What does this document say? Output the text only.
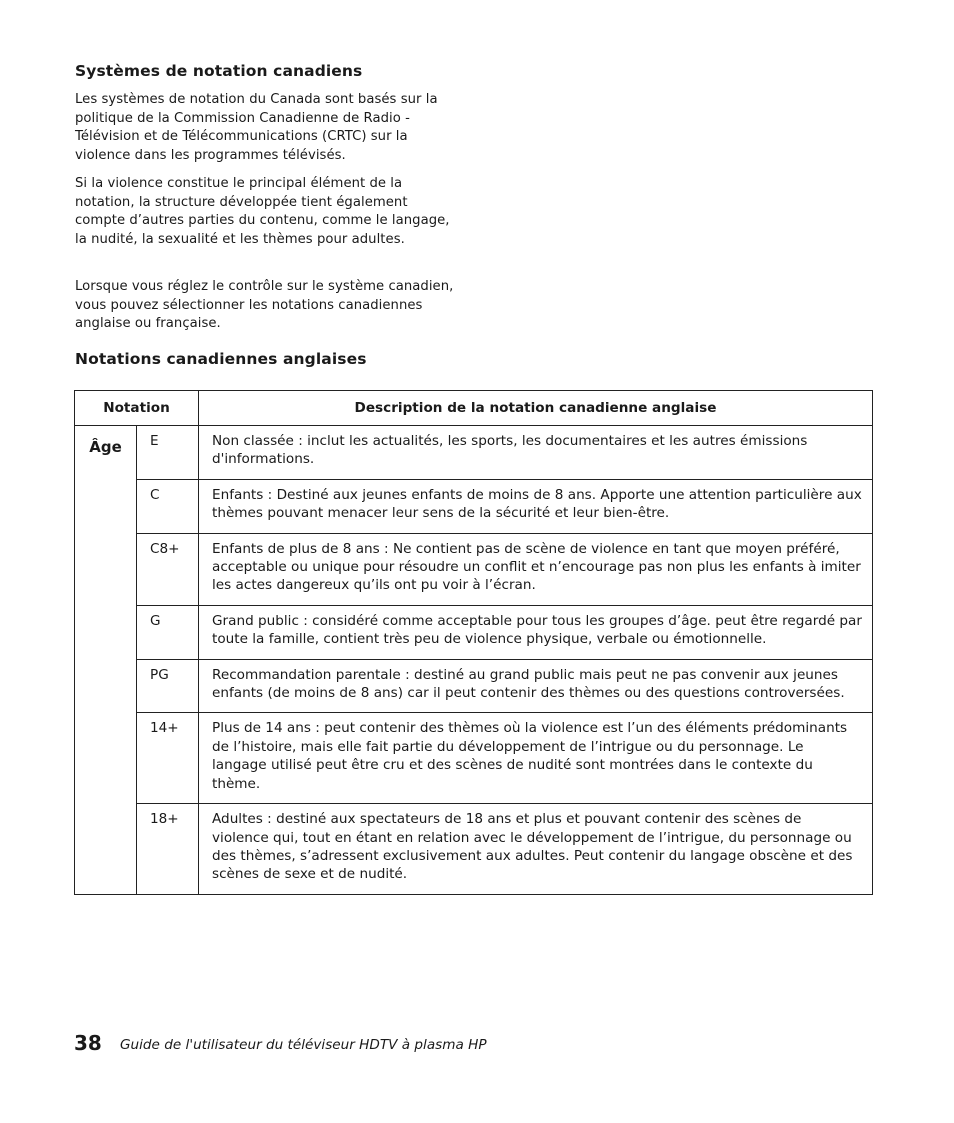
Systèmes de notation canadiens

Les systèmes de notation du Canada sont basés sur la politique de la Commission Canadienne de Radio - Télévision et de Télécommunications (CRTC) sur la violence dans les programmes télévisés.

Si la violence constitue le principal élément de la notation, la structure développée tient également compte d’autres parties du contenu, comme le langage, la nudité, la sexualité et les thèmes pour adultes.

Lorsque vous réglez le contrôle sur le système canadien, vous pouvez sélectionner les notations canadiennes anglaise ou française.

Notations canadiennes anglaises
Notation		Description de la notation canadienne anglaise
Âge	E	Non classée : inclut les actualités, les sports, les documentaires et les autres émissions d'informations.
	C	Enfants : Destiné aux jeunes enfants de moins de 8 ans. Apporte une attention particulière aux thèmes pouvant menacer leur sens de la sécurité et leur bien-être.
	C8+	Enfants de plus de 8 ans : Ne contient pas de scène de violence en tant que moyen préféré, acceptable ou unique pour résoudre un conflit et n’encourage pas non plus les enfants à imiter les actes dangereux qu’ils ont pu voir à l’écran.
	G	Grand public : considéré comme acceptable pour tous les groupes d’âge. peut être regardé par toute la famille, contient très peu de violence physique, verbale ou émotionnelle.
	PG	Recommandation parentale : destiné au grand public mais peut ne pas convenir aux jeunes enfants (de moins de 8 ans) car il peut contenir des thèmes ou des questions controversées.
	14+	Plus de 14 ans : peut contenir des thèmes où la violence est l’un des éléments prédominants de l’histoire, mais elle fait partie du développement de l’intrigue ou du personnage. Le langage utilisé peut être cru et des scènes de nudité sont montrées dans le contexte du thème.
	18+	Adultes : destiné aux spectateurs de 18 ans et plus et pouvant contenir des scènes de violence qui, tout en étant en relation avec le développement de l’intrigue, du personnage ou des thèmes, s’adressent exclusivement aux adultes. Peut contenir du langage obscène et des scènes de sexe et de nudité.

38 Guide de l'utilisateur du téléviseur HDTV à plasma HP
